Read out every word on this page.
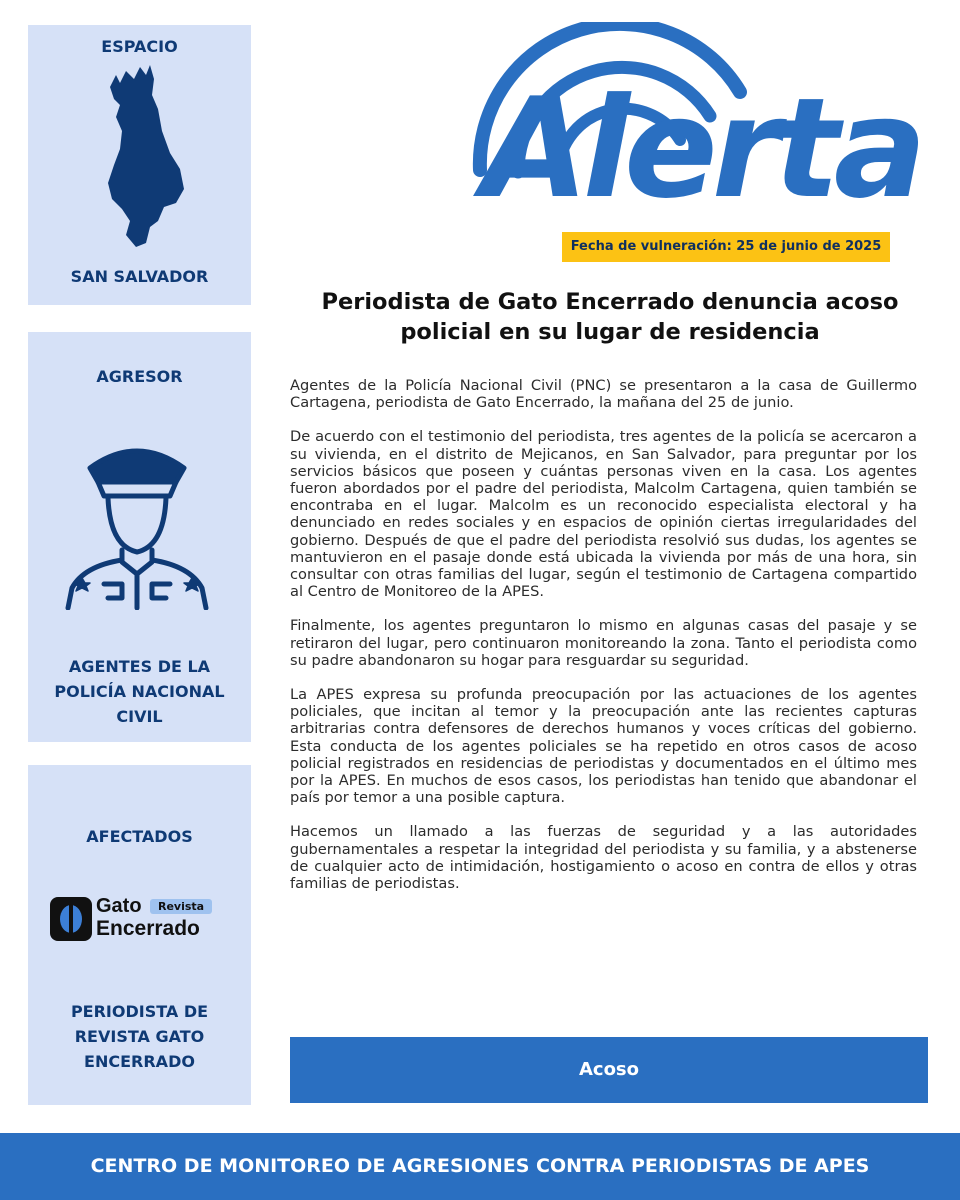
ESPACIO
SAN SALVADOR
AGRESOR
AGENTES DE LA
POLICÍA NACIONAL
CIVIL
AFECTADOS
Gato	Revista
Encerrado
PERIODISTA DE
REVISTA GATO
ENCERRADO
Alerta
Fecha de vulneración: 25 de junio de 2025
Periodista de Gato Encerrado denuncia acoso
policial en su lugar de residencia

Agentes de la Policía Nacional Civil (PNC) se presentaron a la casa de Guillermo Cartagena, periodista de Gato Encerrado, la mañana del 25 de junio.

De acuerdo con el testimonio del periodista, tres agentes de la policía se acercaron a su vivienda, en el distrito de Mejicanos, en San Salvador, para preguntar por los servicios básicos que poseen y cuántas personas viven en la casa. Los agentes fueron abordados por el padre del periodista, Malcolm Cartagena, quien también se encontraba en el lugar. Malcolm es un reconocido especialista electoral y ha denunciado en redes sociales y en espacios de opinión ciertas irregularidades del gobierno. Después de que el padre del periodista resolvió sus dudas, los agentes se mantuvieron en el pasaje donde está ubicada la vivienda por más de una hora, sin consultar con otras familias del lugar, según el testimonio de Cartagena compartido al Centro de Monitoreo de la APES.

Finalmente, los agentes preguntaron lo mismo en algunas casas del pasaje y se retiraron del lugar, pero continuaron monitoreando la zona. Tanto el periodista como su padre abandonaron su hogar para resguardar su seguridad.

La APES expresa su profunda preocupación por las actuaciones de los agentes policiales, que incitan al temor y la preocupación ante las recientes capturas arbitrarias contra defensores de derechos humanos y voces críticas del gobierno. Esta conducta de los agentes policiales se ha repetido en otros casos de acoso policial registrados en residencias de periodistas y documentados en el último mes por la APES. En muchos de esos casos, los periodistas han tenido que abandonar el país por temor a una posible captura.

Hacemos un llamado a las fuerzas de seguridad y a las autoridades gubernamentales a respetar la integridad del periodista y su familia, y a abstenerse de cualquier acto de intimidación, hostigamiento o acoso en contra de ellos y otras familias de periodistas.

Acoso
CENTRO DE MONITOREO DE AGRESIONES CONTRA PERIODISTAS DE APES
